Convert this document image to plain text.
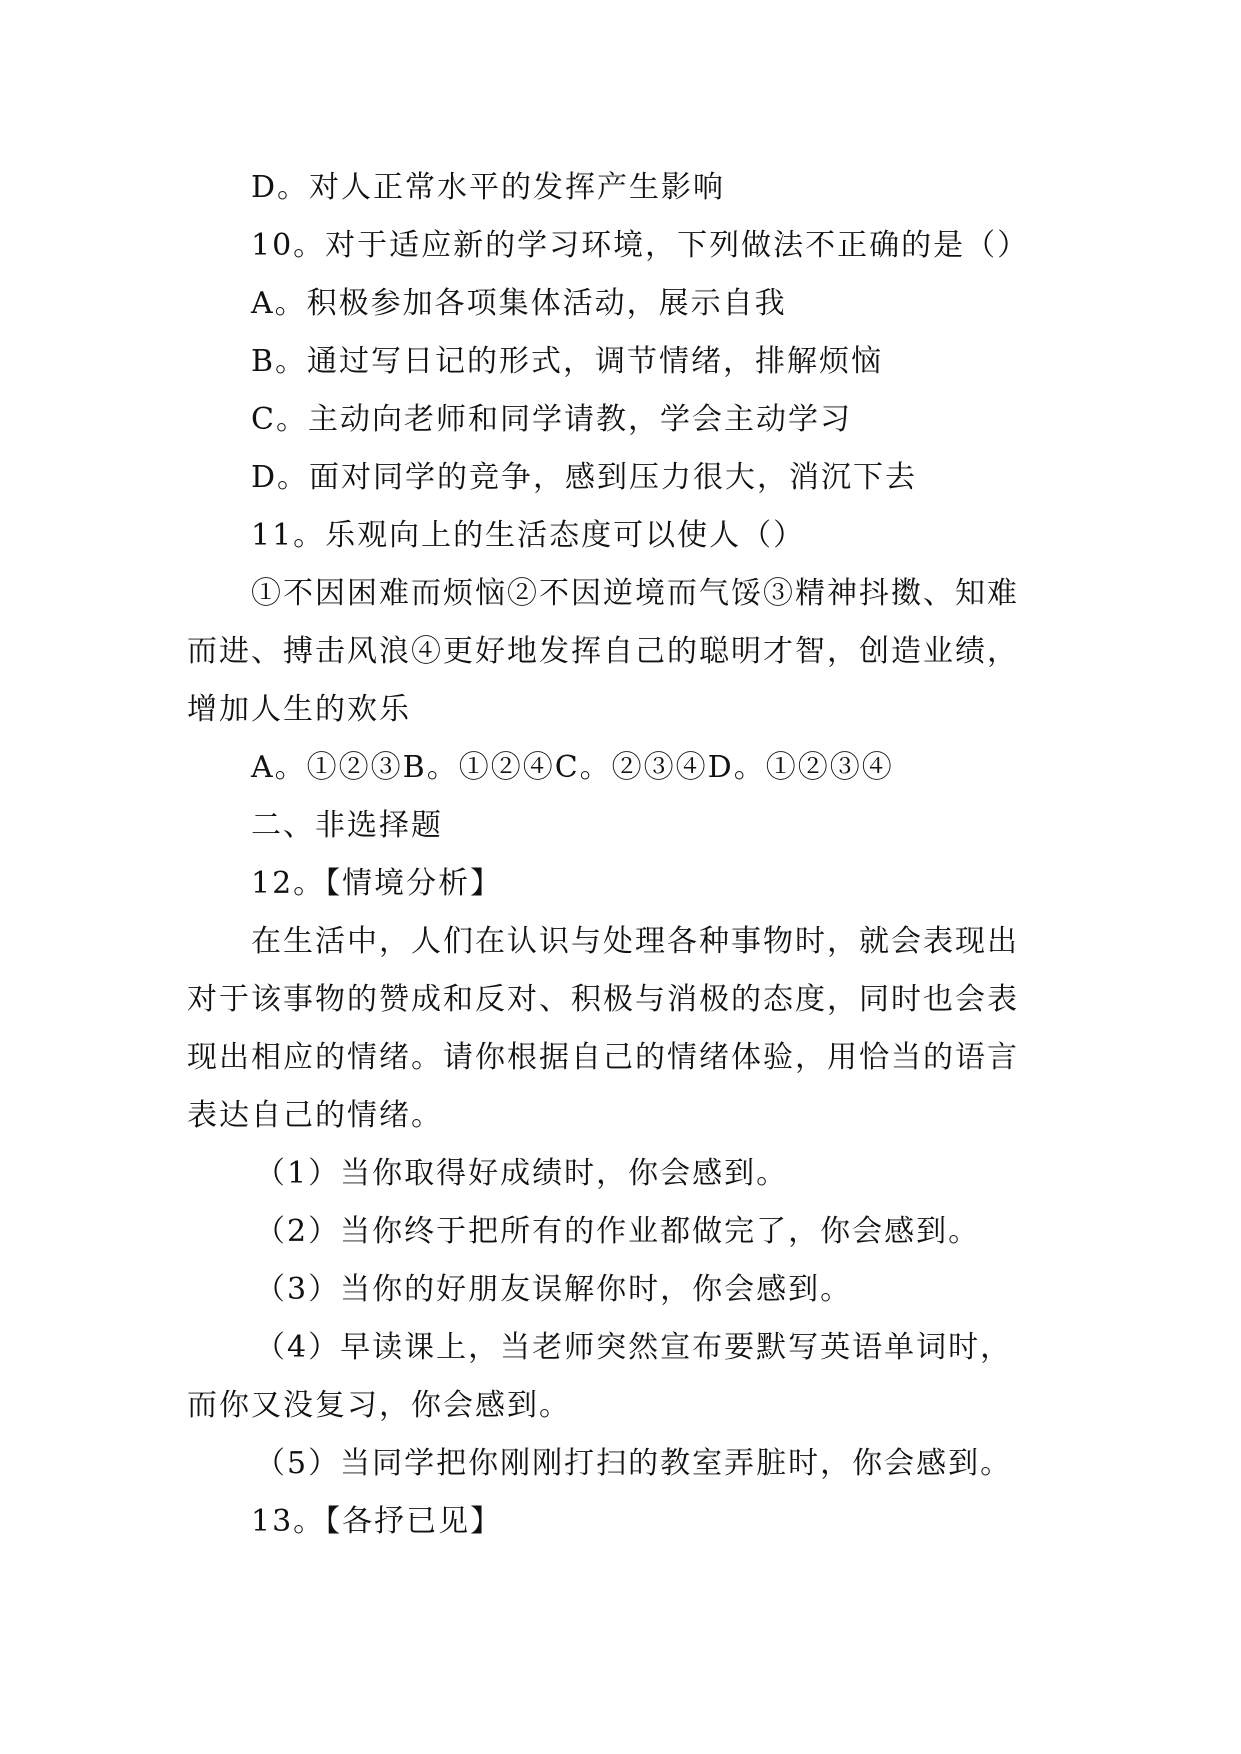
D。对人正常水平的发挥产生影响
10。对于适应新的学习环境，下列做法不正确的是（）
A。积极参加各项集体活动，展示自我
B。通过写日记的形式，调节情绪，排解烦恼
C。主动向老师和同学请教，学会主动学习
D。面对同学的竞争，感到压力很大，消沉下去
11。乐观向上的生活态度可以使人（）
①不因困难而烦恼②不因逆境而气馁③精神抖擞、知难
而进、搏击风浪④更好地发挥自己的聪明才智，创造业绩，
增加人生的欢乐
A。①②③B。①②④C。②③④D。①②③④
二、非选择题
12。【情境分析】
在生活中，人们在认识与处理各种事物时，就会表现出
对于该事物的赞成和反对、积极与消极的态度，同时也会表
现出相应的情绪。请你根据自己的情绪体验，用恰当的语言
表达自己的情绪。
（1）当你取得好成绩时，你会感到。
（2）当你终于把所有的作业都做完了，你会感到。
（3）当你的好朋友误解你时，你会感到。
（4）早读课上，当老师突然宣布要默写英语单词时，
而你又没复习，你会感到。
（5）当同学把你刚刚打扫的教室弄脏时，你会感到。
13。【各抒已见】
